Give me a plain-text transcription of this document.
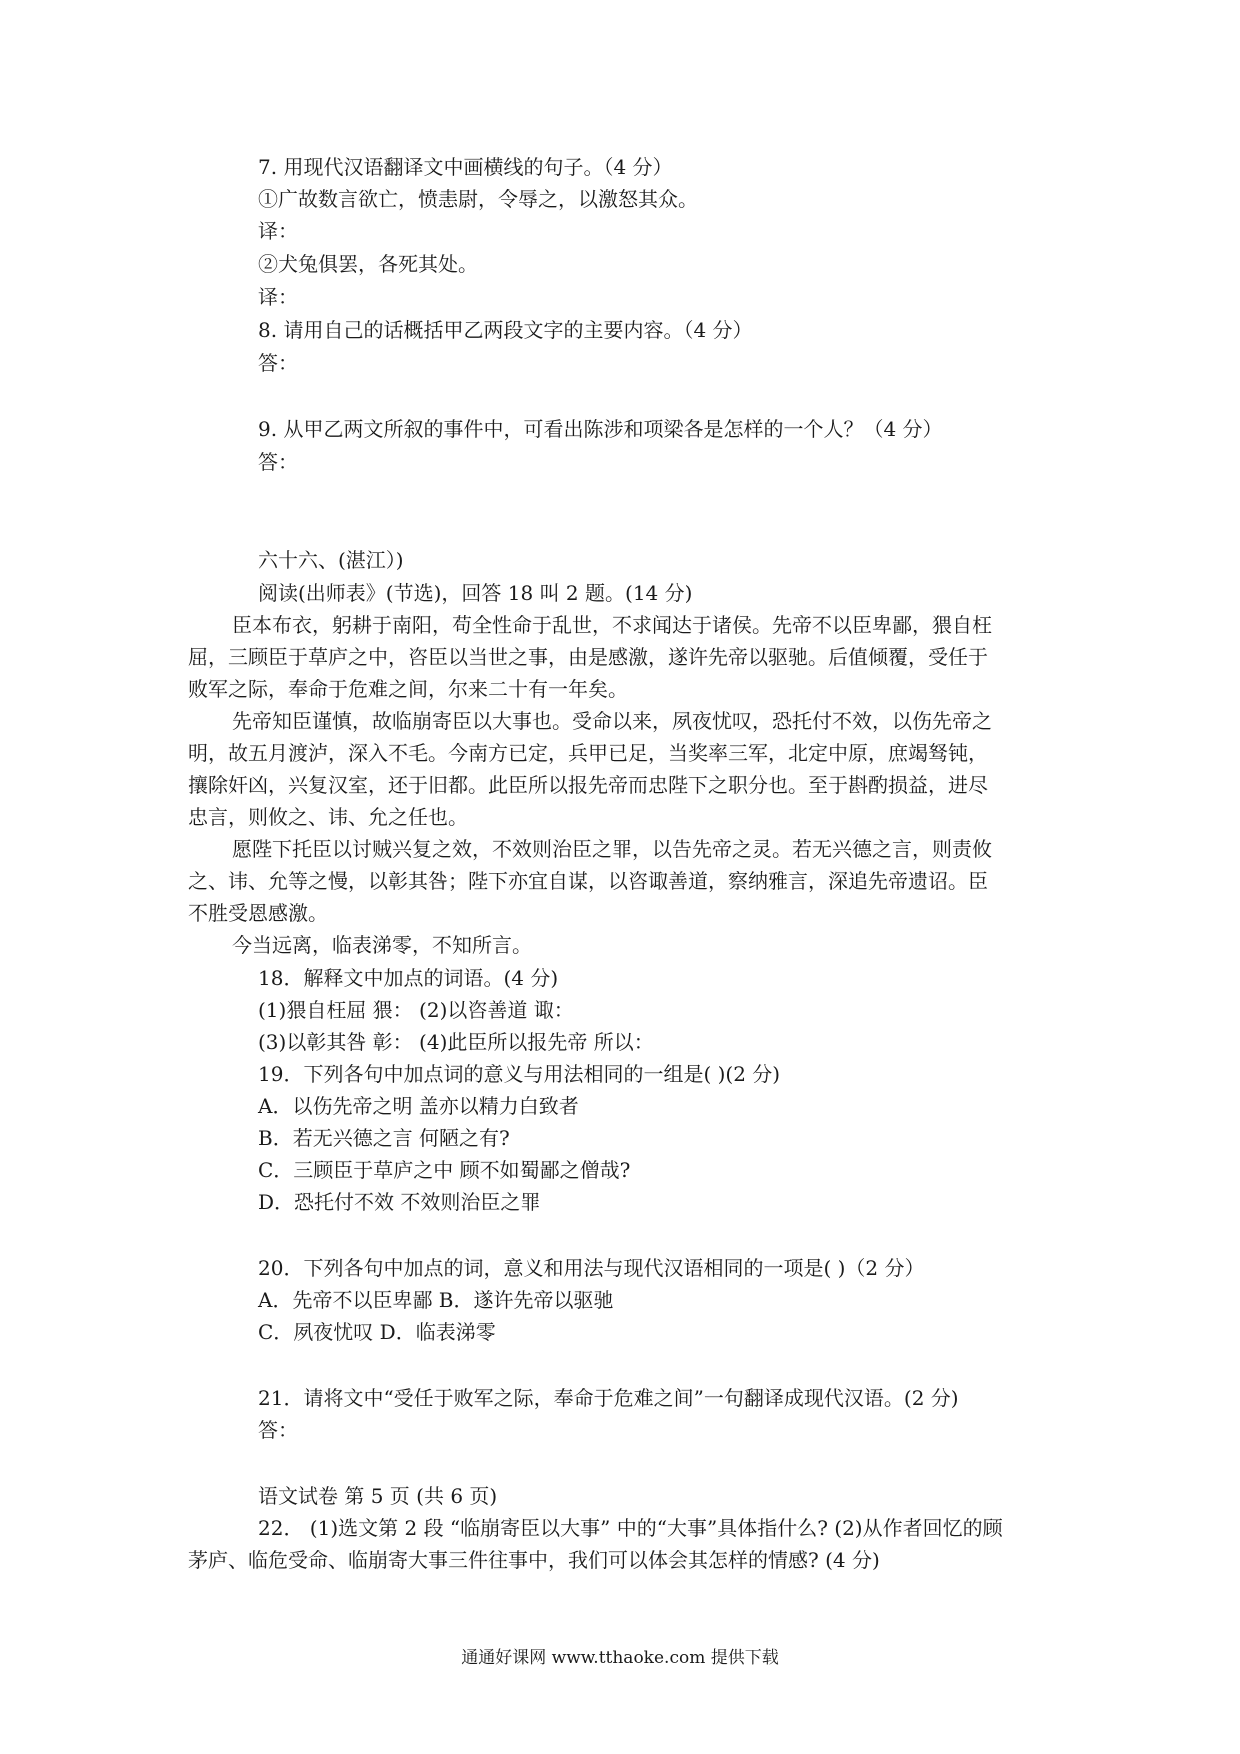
7. 用现代汉语翻译文中画横线的句子。（4 分）
①广故数言欲亡，愤恚尉，令辱之，以激怒其众。
译：
②犬兔俱罢，各死其处。
译：
8. 请用自己的话概括甲乙两段文字的主要内容。（4 分）
答：
9. 从甲乙两文所叙的事件中，可看出陈涉和项梁各是怎样的一个人？（4 分）
答：
六十六、(湛江）)
阅读(出师表》(节选)，回答 18 叫 2 题。(14 分)
臣本布衣，躬耕于南阳，苟全性命于乱世，不求闻达于诸侯。先帝不以臣卑鄙，猥自枉
屈，三顾臣于草庐之中，咨臣以当世之事，由是感激，遂许先帝以驱驰。后值倾覆，受任于
败军之际，奉命于危难之间，尔来二十有一年矣。
先帝知臣谨慎，故临崩寄臣以大事也。受命以来，夙夜忧叹，恐托付不效，以伤先帝之
明，故五月渡泸，深入不毛。今南方已定，兵甲已足，当奖率三军，北定中原，庶竭驽钝，
攘除奸凶，兴复汉室，还于旧都。此臣所以报先帝而忠陛下之职分也。至于斟酌损益，进尽
忠言，则攸之、讳、允之任也。
愿陛下托臣以讨贼兴复之效，不效则治臣之罪，以告先帝之灵。若无兴德之言，则责攸
之、讳、允等之慢，以彰其咎；陛下亦宜自谋，以咨诹善道，察纳雅言，深追先帝遗诏。臣
不胜受恩感激。
今当远离，临表涕零，不知所言。
18．解释文中加点的词语。(4 分)
(1)猥自枉屈 猥： (2)以咨善道 诹：
(3)以彰其咎 彰： (4)此臣所以报先帝 所以：
19．下列各句中加点词的意义与用法相同的一组是( )(2 分)
A．以伤先帝之明 盖亦以精力白致者
B．若无兴德之言 何陋之有?
C．三顾臣于草庐之中 顾不如蜀鄙之僧哉?
D．恐托付不效 不效则治臣之罪
20．下列各句中加点的词，意义和用法与现代汉语相同的一项是( )（2 分）
A．先帝不以臣卑鄙 B．遂许先帝以驱驰
C．夙夜忧叹 D．临表涕零
21．请将文中“受任于败军之际，奉命于危难之间”一句翻译成现代汉语。(2 分)
答：
语文试卷 第 5 页 (共 6 页)
22． (1)选文第 2 段 “临崩寄臣以大事” 中的“大事”具体指什么? (2)从作者回忆的顾
茅庐、临危受命、临崩寄大事三件往事中，我们可以体会其怎样的情感? (4 分)
通通好课网 www.tthaoke.com 提供下载
